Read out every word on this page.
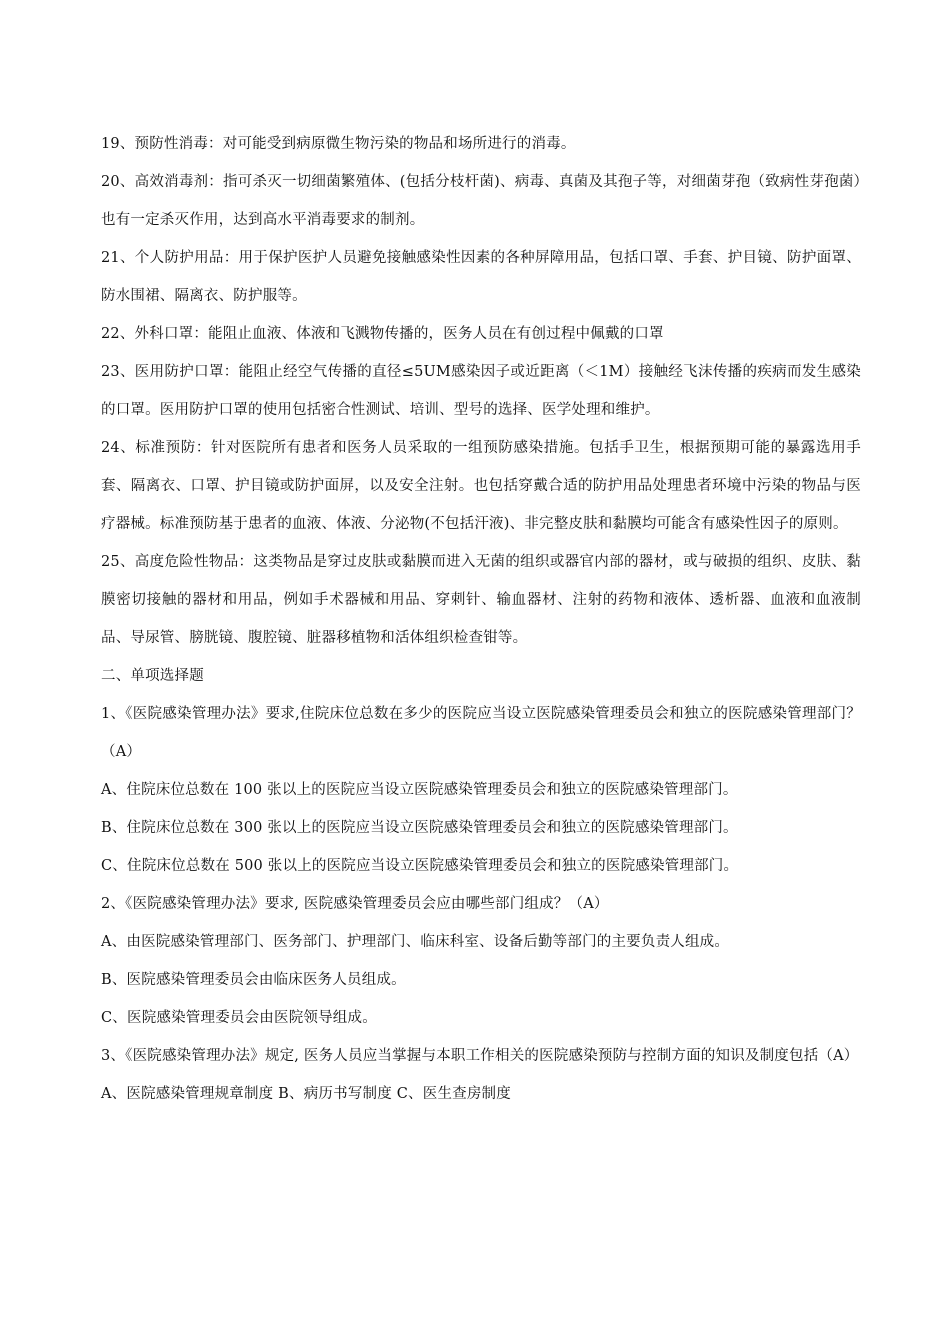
19、预防性消毒：对可能受到病原微生物污染的物品和场所进行的消毒。

20、高效消毒剂：指可杀灭一切细菌繁殖体、(包括分枝杆菌)、病毒、真菌及其孢子等，对细菌芽孢（致病性芽孢菌）也有一定杀灭作用，达到高水平消毒要求的制剂。

21、个人防护用品：用于保护医护人员避免接触感染性因素的各种屏障用品，包括口罩、手套、护目镜、防护面罩、防水围裙、隔离衣、防护服等。

22、外科口罩：能阻止血液、体液和飞溅物传播的，医务人员在有创过程中佩戴的口罩

23、医用防护口罩：能阻止经空气传播的直径≤5UM感染因子或近距离（＜1M）接触经飞沫传播的疾病而发生感染的口罩。医用防护口罩的使用包括密合性测试、培训、型号的选择、医学处理和维护。

24、标准预防：针对医院所有患者和医务人员采取的一组预防感染措施。包括手卫生，根据预期可能的暴露选用手套、隔离衣、口罩、护目镜或防护面屏，以及安全注射。也包括穿戴合适的防护用品处理患者环境中污染的物品与医疗器械。标准预防基于患者的血液、体液、分泌物(不包括汗液)、非完整皮肤和黏膜均可能含有感染性因子的原则。

25、高度危险性物品：这类物品是穿过皮肤或黏膜而进入无菌的组织或器官内部的器材，或与破损的组织、皮肤、黏膜密切接触的器材和用品，例如手术器械和用品、穿刺针、输血器材、注射的药物和液体、透析器、血液和血液制品、导尿管、膀胱镜、腹腔镜、脏器移植物和活体组织检查钳等。

二、单项选择题

1、《医院感染管理办法》要求,住院床位总数在多少的医院应当设立医院感染管理委员会和独立的医院感染管理部门？（A）

A、住院床位总数在 100 张以上的医院应当设立医院感染管理委员会和独立的医院感染管理部门。

B、住院床位总数在 300 张以上的医院应当设立医院感染管理委员会和独立的医院感染管理部门。

C、住院床位总数在 500 张以上的医院应当设立医院感染管理委员会和独立的医院感染管理部门。

2、《医院感染管理办法》要求, 医院感染管理委员会应由哪些部门组成？（A）

A、由医院感染管理部门、医务部门、护理部门、临床科室、设备后勤等部门的主要负责人组成。

B、医院感染管理委员会由临床医务人员组成。

C、医院感染管理委员会由医院领导组成。

3、《医院感染管理办法》规定, 医务人员应当掌握与本职工作相关的医院感染预防与控制方面的知识及制度包括（A）

A、医院感染管理规章制度 B、病历书写制度 C、医生查房制度
